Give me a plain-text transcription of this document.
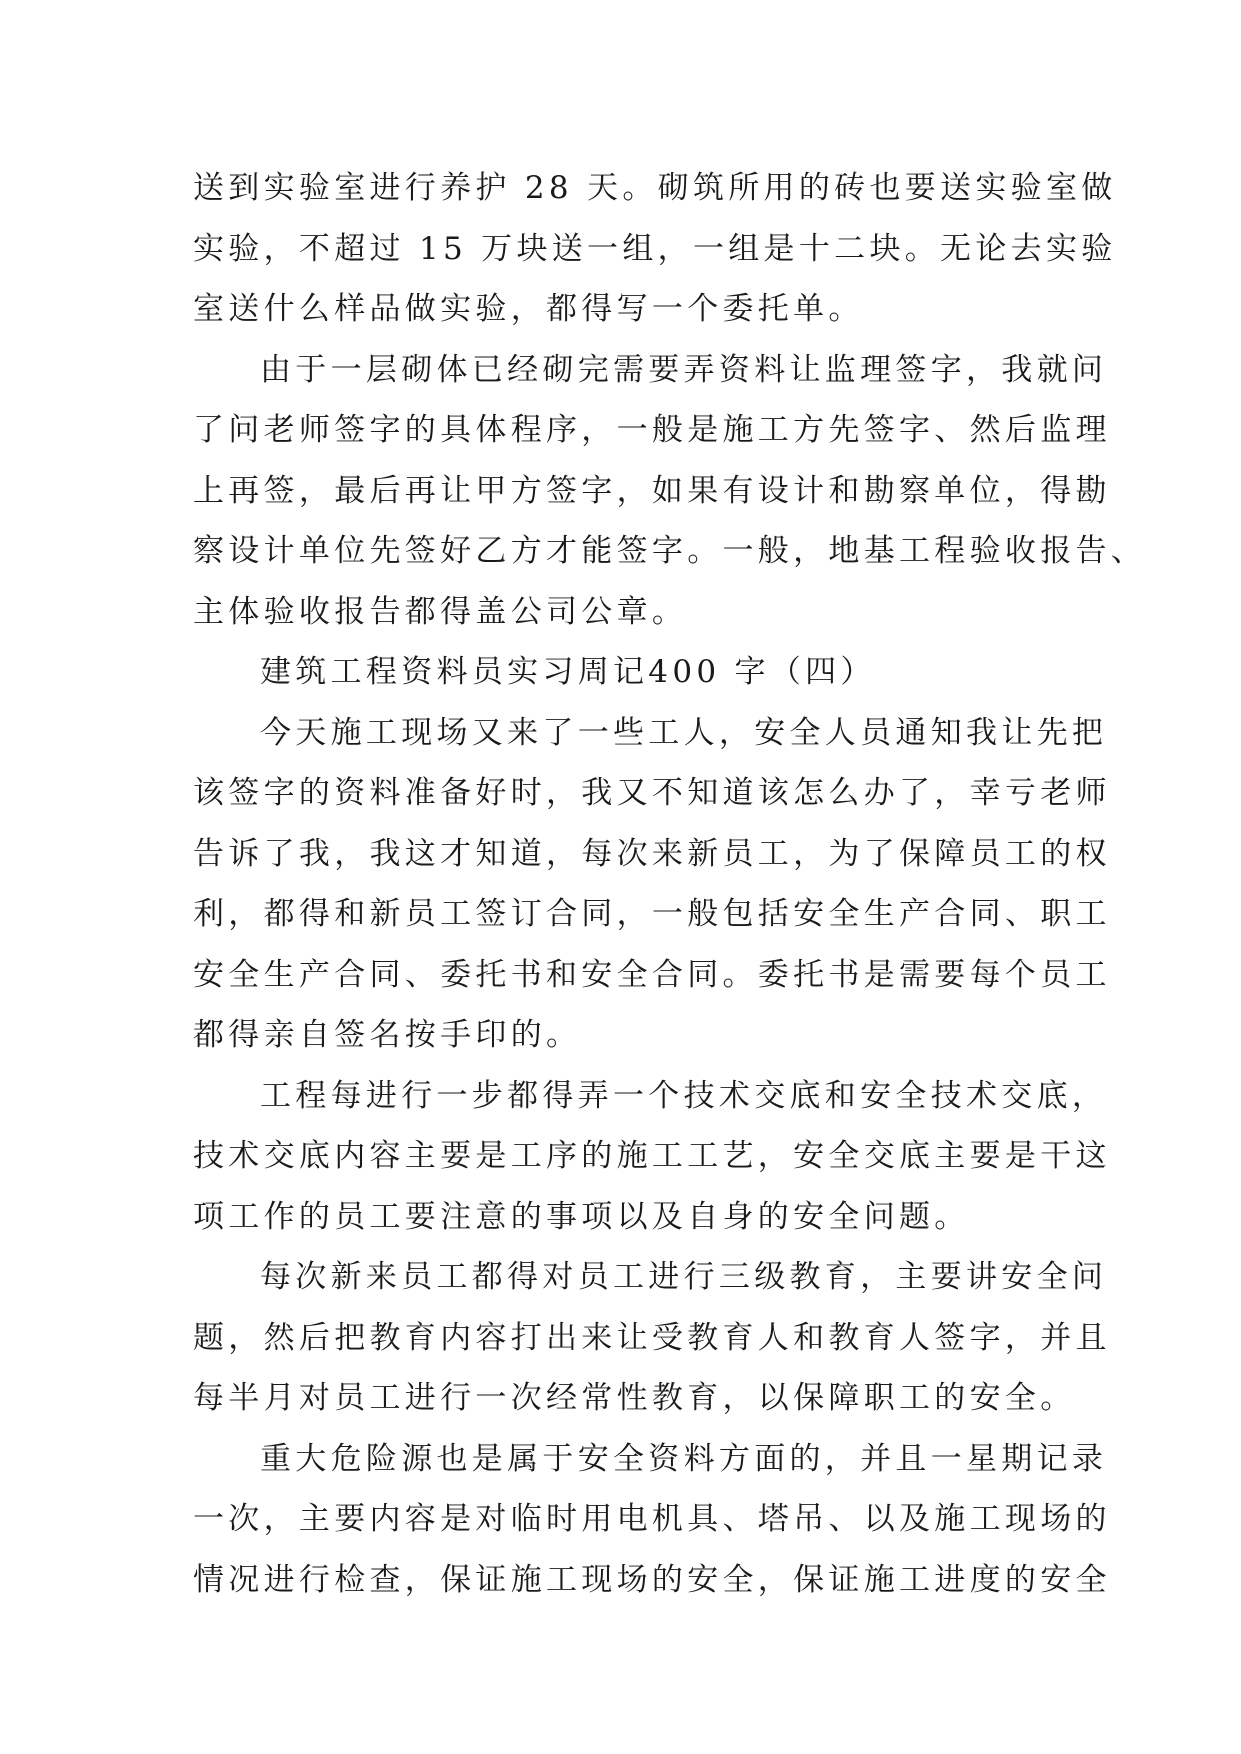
送到实验室进行养护 28 天。砌筑所用的砖也要送实验室做
实验，不超过 15 万块送一组，一组是十二块。无论去实验
室送什么样品做实验，都得写一个委托单。
由于一层砌体已经砌完需要弄资料让监理签字，我就问
了问老师签字的具体程序，一般是施工方先签字、然后监理
上再签，最后再让甲方签字，如果有设计和勘察单位，得勘
察设计单位先签好乙方才能签字。一般，地基工程验收报告、
主体验收报告都得盖公司公章。
建筑工程资料员实习周记400 字（四）
今天施工现场又来了一些工人，安全人员通知我让先把
该签字的资料准备好时，我又不知道该怎么办了，幸亏老师
告诉了我，我这才知道，每次来新员工，为了保障员工的权
利，都得和新员工签订合同，一般包括安全生产合同、职工
安全生产合同、委托书和安全合同。委托书是需要每个员工
都得亲自签名按手印的。
工程每进行一步都得弄一个技术交底和安全技术交底，
技术交底内容主要是工序的施工工艺，安全交底主要是干这
项工作的员工要注意的事项以及自身的安全问题。
每次新来员工都得对员工进行三级教育，主要讲安全问
题，然后把教育内容打出来让受教育人和教育人签字，并且
每半月对员工进行一次经常性教育，以保障职工的安全。
重大危险源也是属于安全资料方面的，并且一星期记录
一次，主要内容是对临时用电机具、塔吊、以及施工现场的
情况进行检查，保证施工现场的安全，保证施工进度的安全
